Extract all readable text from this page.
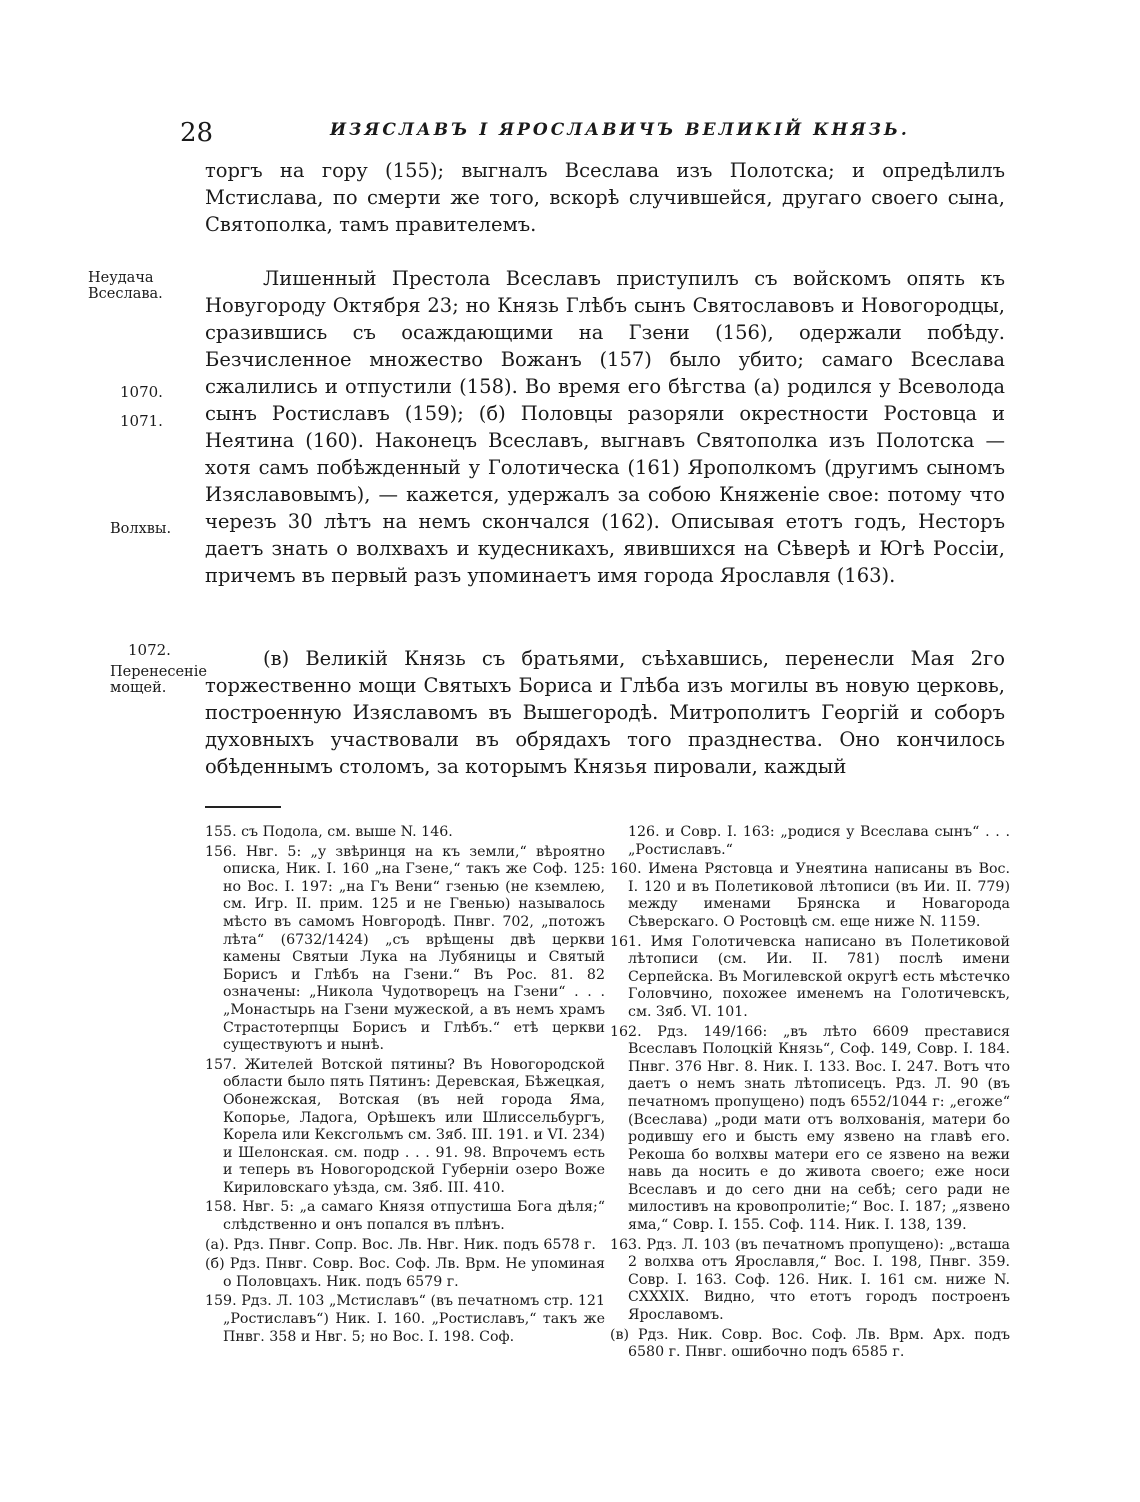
28	ИЗЯСЛАВЪ I ЯРОСЛАВИЧЪ ВЕЛИКІЙ КНЯЗЬ.

торгъ на гору (155); выгналъ Всеслава изъ Полотска; и опредѣлилъ Мстислава, по смерти же того, вскорѣ случившейся, другаго своего сына, Святополка, тамъ правителемъ.

Неудача Всеслава.

Лишенный Престола Всеславъ приступилъ съ войскомъ опять къ Новугороду Октября 23; но Князь Глѣбъ сынъ Святославовъ и Новогородцы, сразившись съ осаждающими на Гзени (156), одержали побѣду. Безчисленное множество Вожанъ (157) было убито; самаго Всеслава сжалились и отпустили (158). Во время его бѣгства (а) родился у Всеволода сынъ Ростиславъ (159); (б) Половцы разоряли окрестности Ростовца и Неятина (160). Наконецъ Всеславъ, выгнавъ Святополка изъ Полотска — хотя самъ побѣжденный у Голотическа (161) Ярополкомъ (другимъ сыномъ Изяславовымъ), — кажется, удержалъ за собою Княженіе свое: потому что черезъ 30 лѣтъ на немъ скончался (162). Описывая етотъ годъ, Несторъ даетъ знать о волхвахъ и кудесникахъ, явившихся на Сѣверѣ и Югѣ Россіи, причемъ въ первый разъ упоминаетъ имя города Ярославля (163).

1070.
1071.
Волхвы.
1072.
Перенесеніе мощей.

(в) Великій Князь съ братьями, съѣхавшись, перенесли Мая 2го торжественно мощи Святыхъ Бориса и Глѣба изъ могилы въ новую церковь, построенную Изяславомъ въ Вышегородѣ. Митрополитъ Георгій и соборъ духовныхъ участвовали въ обрядахъ того празднества. Оно кончилось обѣденнымъ столомъ, за которымъ Князья пировали, каждый

155. съ Подола, см. выше N. 146.

156. Нвг. 5: „у звѣринця на къ земли,“ вѣроятно описка, Ник. I. 160 „на Гзене,“ такъ же Соф. 125: но Вос. I. 197: „на Гъ Вени“ гзенью (не кземлею, см. Игр. II. прим. 125 и не Гвенью) называлось мѣсто въ самомъ Новгородѣ. Пнвг. 702, „потожъ лѣта“ (6732/1424) „съ врѣщены двѣ церкви камены Святыи Лука на Лубяницы и Святый Борисъ и Глѣбъ на Гзени.“ Въ Рос. 81. 82 означены: „Никола Чудотворецъ на Гзени“ . . . „Монастырь на Гзени мужеской, а въ немъ храмъ Страстотерпцы Борисъ и Глѣбъ.“ етѣ церкви существуютъ и нынѣ.

157. Жителей Вотской пятины? Въ Новогородской области было пять Пятинъ: Деревская, Бѣжецкая, Обонежская, Вотская (въ ней города Яма, Копорье, Ладога, Орѣшекъ или Шлиссельбургъ, Корела или Кексгольмъ см. Зяб. III. 191. и VI. 234) и Шелонская. см. подр . . . 91. 98. Впрочемъ есть и теперь въ Новогородской Губерніи озеро Воже Кириловскаго уѣзда, см. Зяб. III. 410.

158. Нвг. 5: „а самаго Князя отпустиша Бога дѣля;“ слѣдственно и онъ попался въ плѣнъ.

(а). Рдз. Пнвг. Сопр. Вос. Лв. Нвг. Ник. подъ 6578 г.

(б) Рдз. Пнвг. Совр. Вос. Соф. Лв. Врм. Не упоминая о Половцахъ. Ник. подъ 6579 г.

159. Рдз. Л. 103 „Мстиславъ“ (въ печатномъ стр. 121 „Ростиславъ“) Ник. I. 160. „Ростиславъ,“ такъ же Пнвг. 358 и Нвг. 5; но Вос. I. 198. Соф.

126. и Совр. I. 163: „родися у Всеслава сынъ“ . . . „Ростиславъ.“

160. Имена Рястовца и Унеятина написаны въ Вос. I. 120 и въ Полетиковой лѣтописи (въ Ии. II. 779) между именами Брянска и Новагорода Сѣверскаго. О Ростовцѣ см. еще ниже N. 1159.

161. Имя Голотичевска написано въ Полетиковой лѣтописи (см. Ии. II. 781) послѣ имени Серпейска. Въ Могилевской округѣ есть мѣстечко Головчино, похожее именемъ на Голотичевскъ, см. Зяб. VI. 101.

162. Рдз. 149/166: „въ лѣто 6609 преставися Всеславъ Полоцкій Князь“, Соф. 149, Совр. I. 184. Пнвг. 376 Нвг. 8. Ник. I. 133. Вос. I. 247. Вотъ что даетъ о немъ знать лѣтописецъ. Рдз. Л. 90 (въ печатномъ пропущено) подъ 6552/1044 г: „егоже“ (Всеслава) „роди мати отъ волхованія, матери бо родившу его и бысть ему язвено на главѣ его. Рекоша бо волхвы матери его се язвено на вежи навь да носить е до живота своего; еже носи Всеславъ и до сего дни на себѣ; сего ради не милостивъ на кровопролитіе;“ Вос. I. 187; „язвено яма,“ Совр. I. 155. Соф. 114. Ник. I. 138, 139.

163. Рдз. Л. 103 (въ печатномъ пропущено): „всташа 2 волхва отъ Ярославля,“ Вос. I. 198, Пнвг. 359. Совр. I. 163. Соф. 126. Ник. I. 161 см. ниже N. CXXXIX. Видно, что етотъ городъ построенъ Ярославомъ.

(в) Рдз. Ник. Совр. Вос. Соф. Лв. Врм. Арх. подъ 6580 г. Пнвг. ошибочно подъ 6585 г.
